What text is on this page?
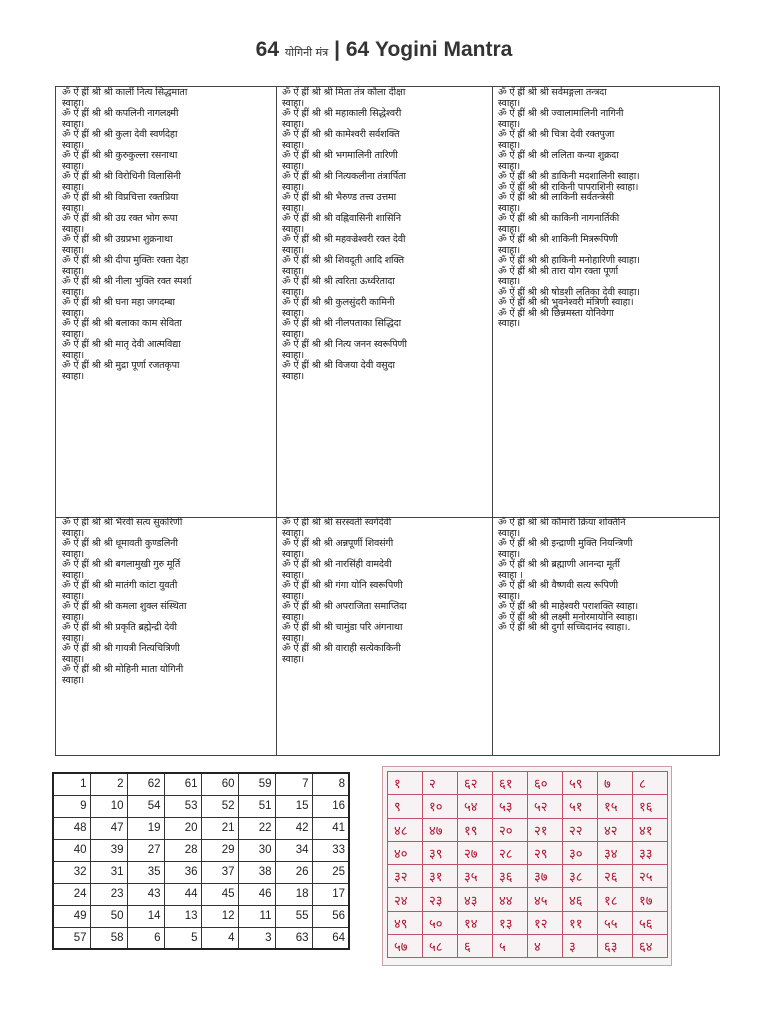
64 योगिनी मंत्र | 64 Yogini Mantra
ॐ ऐं ह्रीं श्री श्री कालीं नित्य सिद्धमाता
स्वाहा।
ॐ ऐं ह्रीं श्री श्री कपलिनी नागलक्ष्मी
स्वाहा।
ॐ ऐं ह्रीं श्री श्री कुला देवी स्वर्णदेहा
स्वाहा।
ॐ ऐं ह्रीं श्री श्री कुरुकुल्ला रसनाथा
स्वाहा।
ॐ ऐं ह्रीं श्री श्री विरोधिनी विलासिनी
स्वाहा।
ॐ ऐं ह्रीं श्री श्री विप्रचित्ता रक्तप्रिया
स्वाहा।
ॐ ऐं ह्रीं श्री श्री उग्र रक्त भोग रूपा
स्वाहा।
ॐ ऐं ह्रीं श्री श्री उग्रप्रभा शुक्रनाथा
स्वाहा।
ॐ ऐं ह्रीं श्री श्री दीपा मुक्तिः रक्ता देहा
स्वाहा।
ॐ ऐं ह्रीं श्री श्री नीला भुक्ति रक्त स्पर्शा
स्वाहा।
ॐ ऐं ह्रीं श्री श्री घना महा जगदम्बा
स्वाहा।
ॐ ऐं ह्रीं श्री श्री बलाका काम सेविता
स्वाहा।
ॐ ऐं ह्रीं श्री श्री मातृ देवी आत्मविद्या
स्वाहा।
ॐ ऐं ह्रीं श्री श्री मुद्रा पूर्णा रजतकृपा
स्वाहा।
ॐ ऐं ह्रीं श्री श्री मिता तंत्र कौला दीक्षा
स्वाहा।
ॐ ऐं ह्रीं श्री श्री महाकाली सिद्धेश्वरी
स्वाहा।
ॐ ऐं ह्रीं श्री श्री कामेश्वरी सर्वशक्ति
स्वाहा।
ॐ ऐं ह्रीं श्री श्री भगमालिनी तारिणी
स्वाहा।
ॐ ऐं ह्रीं श्री श्री नित्यकलीना तंत्रार्पिता
स्वाहा।
ॐ ऐं ह्रीं श्री श्री भैरुण्ड तत्त्व उत्तमा
स्वाहा।
ॐ ऐं ह्रीं श्री श्री वह्निवासिनी शासिनि
स्वाहा।
ॐ ऐं ह्रीं श्री श्री महवज्रेश्वरी रक्त देवी
स्वाहा।
ॐ ऐं ह्रीं श्री श्री शिवदूती आदि शक्ति
स्वाहा।
ॐ ऐं ह्रीं श्री श्री त्वरिता ऊर्ध्वरेतादा
स्वाहा।
ॐ ऐं ह्रीं श्री श्री कुलसुंदरी कामिनी
स्वाहा।
ॐ ऐं ह्रीं श्री श्री नीलपताका सिद्धिदा
स्वाहा।
ॐ ऐं ह्रीं श्री श्री नित्य जनन स्वरूपिणी
स्वाहा।
ॐ ऐं ह्रीं श्री श्री विजया देवी वसुदा
स्वाहा।
ॐ ऐं ह्रीं श्री श्री सर्वमङ्गला तन्त्रदा
स्वाहा।
ॐ ऐं ह्रीं श्री श्री ज्वालामालिनी नागिनी
स्वाहा।
ॐ ऐं ह्रीं श्री श्री चित्रा देवी रक्तपुजा
स्वाहा।
ॐ ऐं ह्रीं श्री श्री ललिता कन्या शुक्रदा
स्वाहा।
ॐ ऐं ह्रीं श्री श्री डाकिनी मदशालिनी स्वाहा।
ॐ ऐं ह्रीं श्री श्री राकिनी पापराशिनी स्वाहा।
ॐ ऐं ह्रीं श्री श्री लाकिनी सर्वतन्त्रेसी
स्वाहा।
ॐ ऐं ह्रीं श्री श्री काकिनी नागनार्तिकी
स्वाहा।
ॐ ऐं ह्रीं श्री श्री शाकिनी मित्ररूपिणी
स्वाहा।
ॐ ऐं ह्रीं श्री श्री हाकिनी मनोहारिणी स्वाहा।
ॐ ऐं ह्रीं श्री श्री तारा योग रक्ता पूर्णा
स्वाहा।
ॐ ऐं ह्रीं श्री श्री षोडशी लतिका देवी स्वाहा।
ॐ ऐं ह्रीं श्री श्री भुवनेश्वरी मंत्रिणी स्वाहा।
ॐ ऐं ह्रीं श्री श्री छिन्नमस्ता योनिवेगा
स्वाहा।
ॐ ऐं ह्रीं श्री श्री भैरवी सत्य सुकरिणी
स्वाहा।
ॐ ऐं ह्रीं श्री श्री धूमावती कुण्डलिनी
स्वाहा।
ॐ ऐं ह्रीं श्री श्री बगलामुखी गुरु मूर्ति
स्वाहा।
ॐ ऐं ह्रीं श्री श्री मातंगी कांटा युवती
स्वाहा।
ॐ ऐं ह्रीं श्री श्री कमला शुक्ल संस्थिता
स्वाहा।
ॐ ऐं ह्रीं श्री श्री प्रकृति ब्रह्मेन्द्री देवी
स्वाहा।
ॐ ऐं ह्रीं श्री श्री गायत्री नित्यचित्रिणी
स्वाहा।
ॐ ऐं ह्रीं श्री श्री मोहिनी माता योगिनी
स्वाहा।
ॐ ऐं ह्रीं श्री श्री सरस्वती स्वर्गदेवी
स्वाहा।
ॐ ऐं ह्रीं श्री श्री अन्नपूर्णी शिवसंगी
स्वाहा।
ॐ ऐं ह्रीं श्री श्री नारसिंही वामदेवी
स्वाहा।
ॐ ऐं ह्रीं श्री श्री गंगा योनि स्वरूपिणी
स्वाहा।
ॐ ऐं ह्रीं श्री श्री अपराजिता समाप्तिदा
स्वाहा।
ॐ ऐं ह्रीं श्री श्री चामुंडा परि अंगनाथा
स्वाहा।
ॐ ऐं ह्रीं श्री श्री वाराही सत्येकाकिनी
स्वाहा।
ॐ ऐं ह्रीं श्री श्री कौमारी क्रिया शक्तिनि
स्वाहा।
ॐ ऐं ह्रीं श्री श्री इन्द्राणी मुक्ति नियन्त्रिणी
स्वाहा।
ॐ ऐं ह्रीं श्री श्री ब्रह्माणी आनन्दा मूर्ती
स्वाहा ।
ॐ ऐं ह्रीं श्री श्री वैष्णवी सत्य रूपिणी
स्वाहा।
ॐ ऐं ह्रीं श्री श्री माहेश्वरी पराशक्ति स्वाहा।
ॐ ऐं ह्रीं श्री श्री लक्ष्मी मनोरमायोनि स्वाहा।
ॐ ऐं ह्रीं श्री श्री दुर्गा सच्चिदानंद स्वाहा।.
1	2	62	61	60	59	7	8
9	10	54	53	52	51	15	16
48	47	19	20	21	22	42	41
40	39	27	28	29	30	34	33
32	31	35	36	37	38	26	25
24	23	43	44	45	46	18	17
49	50	14	13	12	11	55	56
57	58	6	5	4	3	63	64
१	२	६२	६१	६०	५९	७	८
९	१०	५४	५३	५२	५१	१५	१६
४८	४७	१९	२०	२१	२२	४२	४१
४०	३९	२७	२८	२९	३०	३४	३३
३२	३१	३५	३६	३७	३८	२६	२५
२४	२३	४३	४४	४५	४६	१८	१७
४९	५०	१४	१३	१२	११	५५	५६
५७	५८	६	५	४	३	६३	६४
